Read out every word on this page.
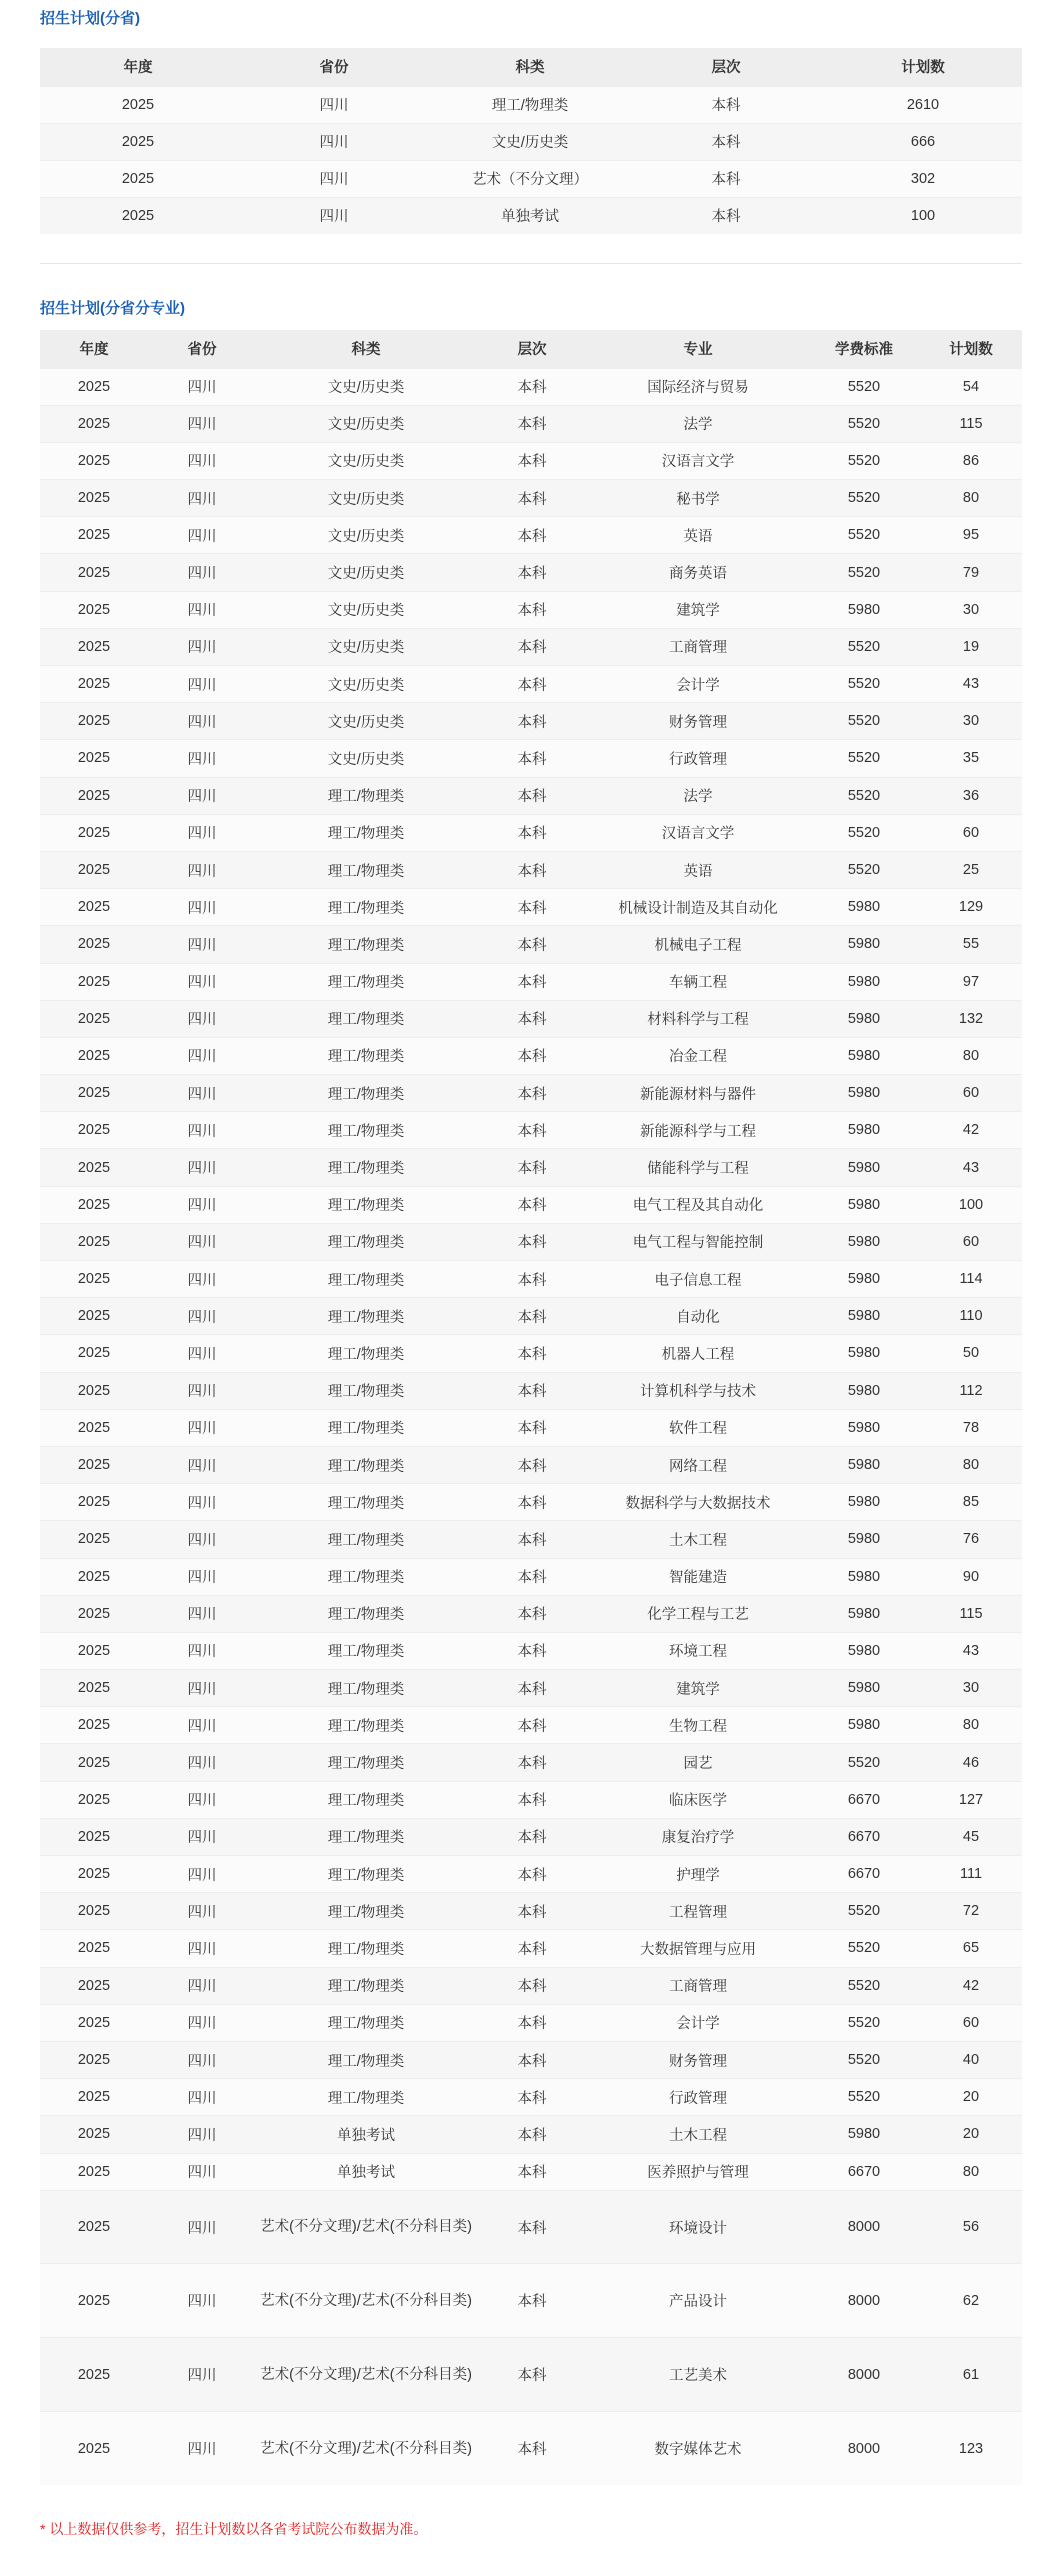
招生计划(分省)
年度	省份	科类	层次	计划数
2025	四川	理工/物理类	本科	2610
2025	四川	文史/历史类	本科	666
2025	四川	艺术（不分文理）	本科	302
2025	四川	单独考试	本科	100
招生计划(分省分专业)
年度	省份	科类	层次	专业	学费标准	计划数
2025	四川	文史/历史类	本科	国际经济与贸易	5520	54
2025	四川	文史/历史类	本科	法学	5520	115
2025	四川	文史/历史类	本科	汉语言文学	5520	86
2025	四川	文史/历史类	本科	秘书学	5520	80
2025	四川	文史/历史类	本科	英语	5520	95
2025	四川	文史/历史类	本科	商务英语	5520	79
2025	四川	文史/历史类	本科	建筑学	5980	30
2025	四川	文史/历史类	本科	工商管理	5520	19
2025	四川	文史/历史类	本科	会计学	5520	43
2025	四川	文史/历史类	本科	财务管理	5520	30
2025	四川	文史/历史类	本科	行政管理	5520	35
2025	四川	理工/物理类	本科	法学	5520	36
2025	四川	理工/物理类	本科	汉语言文学	5520	60
2025	四川	理工/物理类	本科	英语	5520	25
2025	四川	理工/物理类	本科	机械设计制造及其自动化	5980	129
2025	四川	理工/物理类	本科	机械电子工程	5980	55
2025	四川	理工/物理类	本科	车辆工程	5980	97
2025	四川	理工/物理类	本科	材料科学与工程	5980	132
2025	四川	理工/物理类	本科	冶金工程	5980	80
2025	四川	理工/物理类	本科	新能源材料与器件	5980	60
2025	四川	理工/物理类	本科	新能源科学与工程	5980	42
2025	四川	理工/物理类	本科	储能科学与工程	5980	43
2025	四川	理工/物理类	本科	电气工程及其自动化	5980	100
2025	四川	理工/物理类	本科	电气工程与智能控制	5980	60
2025	四川	理工/物理类	本科	电子信息工程	5980	114
2025	四川	理工/物理类	本科	自动化	5980	110
2025	四川	理工/物理类	本科	机器人工程	5980	50
2025	四川	理工/物理类	本科	计算机科学与技术	5980	112
2025	四川	理工/物理类	本科	软件工程	5980	78
2025	四川	理工/物理类	本科	网络工程	5980	80
2025	四川	理工/物理类	本科	数据科学与大数据技术	5980	85
2025	四川	理工/物理类	本科	土木工程	5980	76
2025	四川	理工/物理类	本科	智能建造	5980	90
2025	四川	理工/物理类	本科	化学工程与工艺	5980	115
2025	四川	理工/物理类	本科	环境工程	5980	43
2025	四川	理工/物理类	本科	建筑学	5980	30
2025	四川	理工/物理类	本科	生物工程	5980	80
2025	四川	理工/物理类	本科	园艺	5520	46
2025	四川	理工/物理类	本科	临床医学	6670	127
2025	四川	理工/物理类	本科	康复治疗学	6670	45
2025	四川	理工/物理类	本科	护理学	6670	111
2025	四川	理工/物理类	本科	工程管理	5520	72
2025	四川	理工/物理类	本科	大数据管理与应用	5520	65
2025	四川	理工/物理类	本科	工商管理	5520	42
2025	四川	理工/物理类	本科	会计学	5520	60
2025	四川	理工/物理类	本科	财务管理	5520	40
2025	四川	理工/物理类	本科	行政管理	5520	20
2025	四川	单独考试	本科	土木工程	5980	20
2025	四川	单独考试	本科	医养照护与管理	6670	80
2025	四川	艺术(不分文理)/艺术(不分科目类)	本科	环境设计	8000	56
2025	四川	艺术(不分文理)/艺术(不分科目类)	本科	产品设计	8000	62
2025	四川	艺术(不分文理)/艺术(不分科目类)	本科	工艺美术	8000	61
2025	四川	艺术(不分文理)/艺术(不分科目类)	本科	数字媒体艺术	8000	123
* 以上数据仅供参考，招生计划数以各省考试院公布数据为准。
